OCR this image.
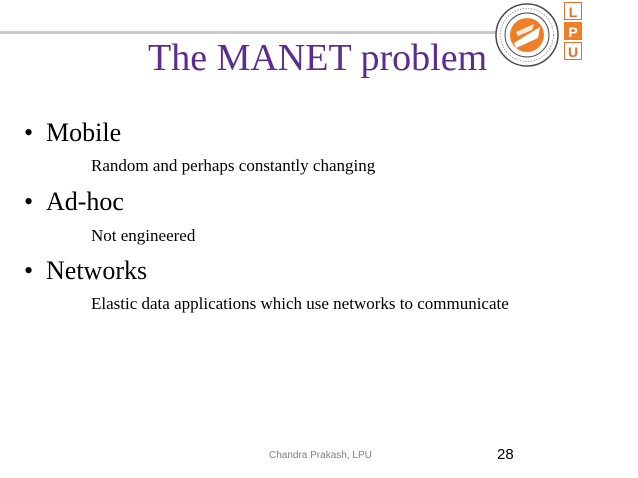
The MANET problem
L
P
U
• Mobile
Random and perhaps constantly changing
• Ad-hoc
Not engineered
• Networks
Elastic data applications which use networks to communicate
Chandra Prakash, LPU	28
